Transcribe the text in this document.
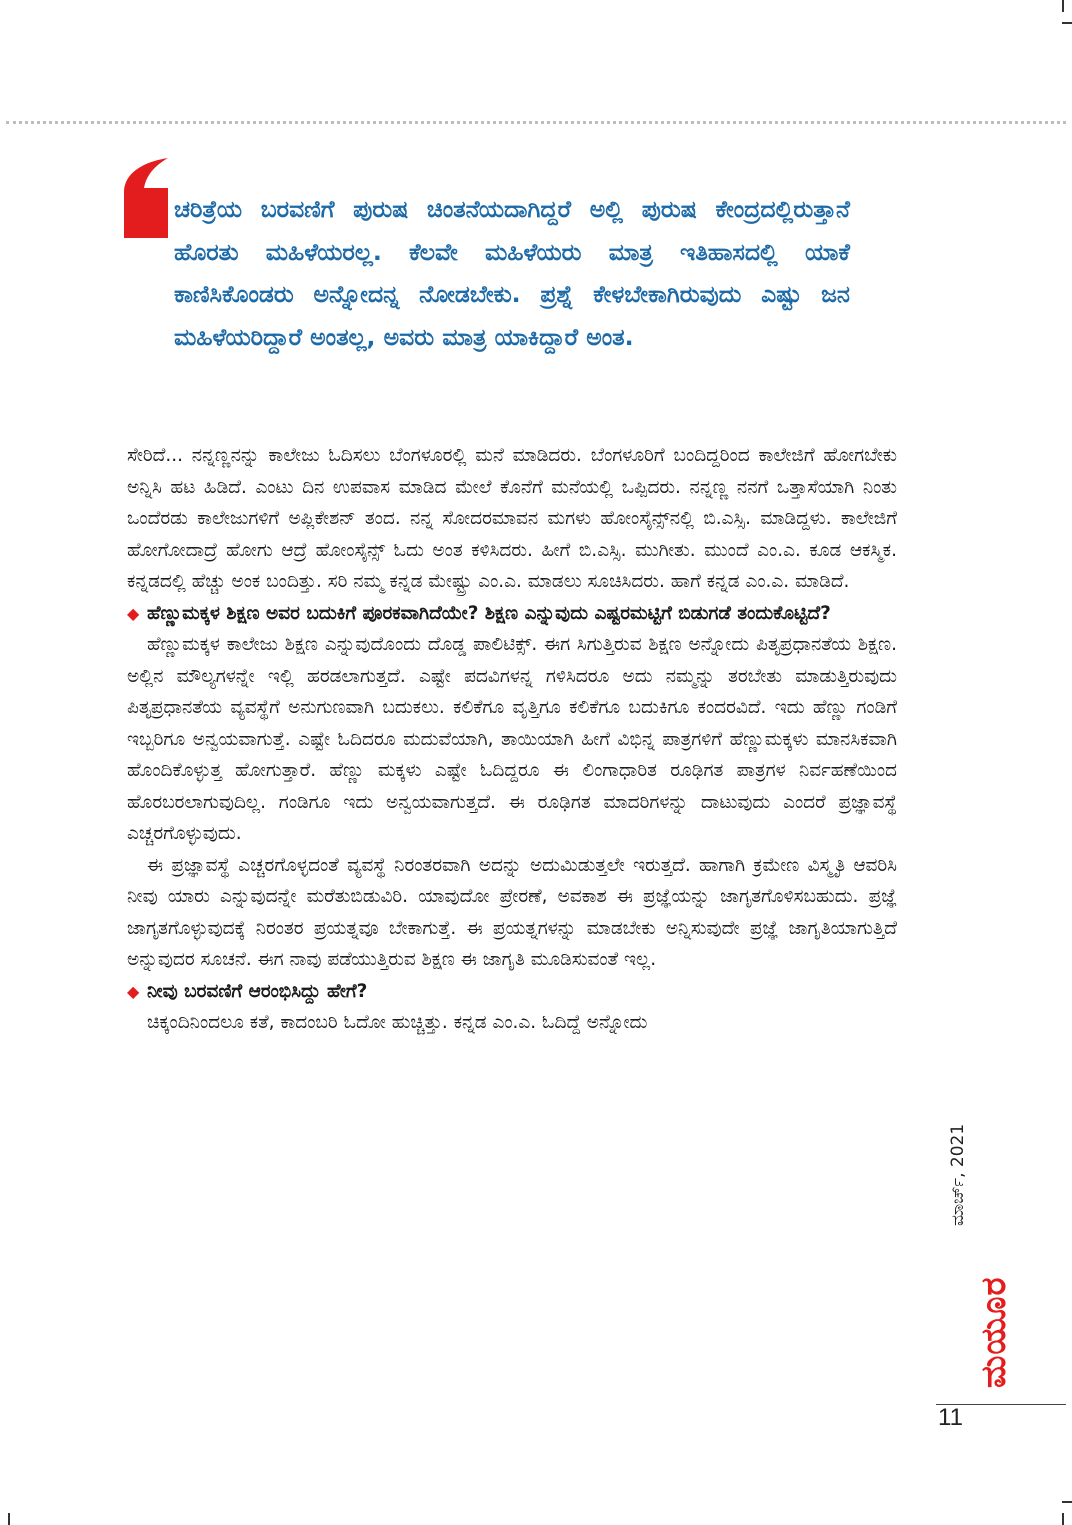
ಚರಿತ್ರೆಯ ಬರವಣಿಗೆ ಪುರುಷ ಚಿಂತನೆಯದಾಗಿದ್ದರೆ ಅಲ್ಲಿ ಪುರುಷ ಕೇಂದ್ರದಲ್ಲಿರುತ್ತಾನೆ ಹೊರತು ಮಹಿಳೆಯರಲ್ಲ. ಕೆಲವೇ ಮಹಿಳೆಯರು ಮಾತ್ರ ಇತಿಹಾಸದಲ್ಲಿ ಯಾಕೆ ಕಾಣಿಸಿಕೊಂಡರು ಅನ್ನೋದನ್ನ ನೋಡಬೇಕು. ಪ್ರಶ್ನೆ ಕೇಳಬೇಕಾಗಿರುವುದು ಎಷ್ಟು ಜನ ಮಹಿಳೆಯರಿದ್ದಾರೆ ಅಂತಲ್ಲ, ಅವರು ಮಾತ್ರ ಯಾಕಿದ್ದಾರೆ ಅಂತ.

ಸೇರಿದೆ... ನನ್ನಣ್ಣನನ್ನು ಕಾಲೇಜು ಓದಿಸಲು ಬೆಂಗಳೂರಲ್ಲಿ ಮನೆ ಮಾಡಿದರು. ಬೆಂಗಳೂರಿಗೆ ಬಂದಿದ್ದರಿಂದ ಕಾಲೇಜಿಗೆ ಹೋಗಬೇಕು ಅನ್ನಿಸಿ ಹಟ ಹಿಡಿದೆ. ಎಂಟು ದಿನ ಉಪವಾಸ ಮಾಡಿದ ಮೇಲೆ ಕೊನೆಗೆ ಮನೆಯಲ್ಲಿ ಒಪ್ಪಿದರು. ನನ್ನಣ್ಣ ನನಗೆ ಒತ್ತಾಸೆಯಾಗಿ ನಿಂತು ಒಂದೆರಡು ಕಾಲೇಜುಗಳಿಗೆ ಅಪ್ಲಿಕೇಶನ್ ತಂದ. ನನ್ನ ಸೋದರಮಾವನ ಮಗಳು ಹೋಂಸೈನ್ಸ್‌ನಲ್ಲಿ ಬಿ.ಎಸ್ಸಿ. ಮಾಡಿದ್ದಳು. ಕಾಲೇಜಿಗೆ ಹೋಗೋದಾದ್ರೆ ಹೋಗು ಆದ್ರೆ ಹೋಂಸೈನ್ಸ್ ಓದು ಅಂತ ಕಳಿಸಿದರು. ಹೀಗೆ ಬಿ.ಎಸ್ಸಿ. ಮುಗೀತು. ಮುಂದೆ ಎಂ.ಎ. ಕೂಡ ಆಕಸ್ಮಿಕ. ಕನ್ನಡದಲ್ಲಿ ಹೆಚ್ಚು ಅಂಕ ಬಂದಿತ್ತು. ಸರಿ ನಮ್ಮ ಕನ್ನಡ ಮೇಷ್ಟ್ರು ಎಂ.ಎ. ಮಾಡಲು ಸೂಚಿಸಿದರು. ಹಾಗೆ ಕನ್ನಡ ಎಂ.ಎ. ಮಾಡಿದೆ.

◆ ಹೆಣ್ಣುಮಕ್ಕಳ ಶಿಕ್ಷಣ ಅವರ ಬದುಕಿಗೆ ಪೂರಕವಾಗಿದೆಯೇ? ಶಿಕ್ಷಣ ಎನ್ನುವುದು ಎಷ್ಟರಮಟ್ಟಿಗೆ ಬಿಡುಗಡೆ ತಂದುಕೊಟ್ಟಿದೆ?

ಹೆಣ್ಣುಮಕ್ಕಳ ಕಾಲೇಜು ಶಿಕ್ಷಣ ಎನ್ನುವುದೊಂದು ದೊಡ್ಡ ಪಾಲಿಟಿಕ್ಸ್. ಈಗ ಸಿಗುತ್ತಿರುವ ಶಿಕ್ಷಣ ಅನ್ನೋದು ಪಿತೃಪ್ರಧಾನತೆಯ ಶಿಕ್ಷಣ. ಅಲ್ಲಿನ ಮೌಲ್ಯಗಳನ್ನೇ ಇಲ್ಲಿ ಹರಡಲಾಗುತ್ತದೆ. ಎಷ್ಟೇ ಪದವಿಗಳನ್ನ ಗಳಿಸಿದರೂ ಅದು ನಮ್ಮನ್ನು ತರಬೇತು ಮಾಡುತ್ತಿರುವುದು ಪಿತೃಪ್ರಧಾನತೆಯ ವ್ಯವಸ್ಥೆಗೆ ಅನುಗುಣವಾಗಿ ಬದುಕಲು. ಕಲಿಕೆಗೂ ವೃತ್ತಿಗೂ ಕಲಿಕೆಗೂ ಬದುಕಿಗೂ ಕಂದರವಿದೆ. ಇದು ಹೆಣ್ಣು ಗಂಡಿಗೆ ಇಬ್ಬರಿಗೂ ಅನ್ವಯವಾಗುತ್ತೆ. ಎಷ್ಟೇ ಓದಿದರೂ ಮದುವೆಯಾಗಿ, ತಾಯಿಯಾಗಿ ಹೀಗೆ ವಿಭಿನ್ನ ಪಾತ್ರಗಳಿಗೆ ಹೆಣ್ಣುಮಕ್ಕಳು ಮಾನಸಿಕವಾಗಿ ಹೊಂದಿಕೊಳ್ಳುತ್ತ ಹೋಗುತ್ತಾರೆ. ಹೆಣ್ಣು ಮಕ್ಕಳು ಎಷ್ಟೇ ಓದಿದ್ದರೂ ಈ ಲಿಂಗಾಧಾರಿತ ರೂಢಿಗತ ಪಾತ್ರಗಳ ನಿರ್ವಹಣೆಯಿಂದ ಹೊರಬರಲಾಗುವುದಿಲ್ಲ. ಗಂಡಿಗೂ ಇದು ಅನ್ವಯವಾಗುತ್ತದೆ. ಈ ರೂಢಿಗತ ಮಾದರಿಗಳನ್ನು ದಾಟುವುದು ಎಂದರೆ ಪ್ರಜ್ಞಾವಸ್ಥೆ ಎಚ್ಚರಗೊಳ್ಳುವುದು.

ಈ ಪ್ರಜ್ಞಾವಸ್ಥೆ ಎಚ್ಚರಗೊಳ್ಳದಂತೆ ವ್ಯವಸ್ಥೆ ನಿರಂತರವಾಗಿ ಅದನ್ನು ಅದುಮಿಡುತ್ತಲೇ ಇರುತ್ತದೆ. ಹಾಗಾಗಿ ಕ್ರಮೇಣ ವಿಸ್ಮೃತಿ ಆವರಿಸಿ ನೀವು ಯಾರು ಎನ್ನುವುದನ್ನೇ ಮರೆತುಬಿಡುವಿರಿ. ಯಾವುದೋ ಪ್ರೇರಣೆ, ಅವಕಾಶ ಈ ಪ್ರಜ್ಞೆಯನ್ನು ಜಾಗೃತಗೊಳಿಸಬಹುದು. ಪ್ರಜ್ಞೆ ಜಾಗೃತಗೊಳ್ಳುವುದಕ್ಕೆ ನಿರಂತರ ಪ್ರಯತ್ನವೂ ಬೇಕಾಗುತ್ತೆ. ಈ ಪ್ರಯತ್ನಗಳನ್ನು ಮಾಡಬೇಕು ಅನ್ನಿಸುವುದೇ ಪ್ರಜ್ಞೆ ಜಾಗೃತಿಯಾಗುತ್ತಿದೆ ಅನ್ನುವುದರ ಸೂಚನೆ. ಈಗ ನಾವು ಪಡೆಯುತ್ತಿರುವ ಶಿಕ್ಷಣ ಈ ಜಾಗೃತಿ ಮೂಡಿಸುವಂತೆ ಇಲ್ಲ.

◆ ನೀವು ಬರವಣಿಗೆ ಆರಂಭಿಸಿದ್ದು ಹೇಗೆ?

ಚಿಕ್ಕಂದಿನಿಂದಲೂ ಕತೆ, ಕಾದಂಬರಿ ಓದೋ ಹುಚ್ಚಿತ್ತು. ಕನ್ನಡ ಎಂ.ಎ. ಓದಿದ್ದೆ ಅನ್ನೋದು

ಮಾರ್ಚ್, 2021
ಮಯೂರ
11
